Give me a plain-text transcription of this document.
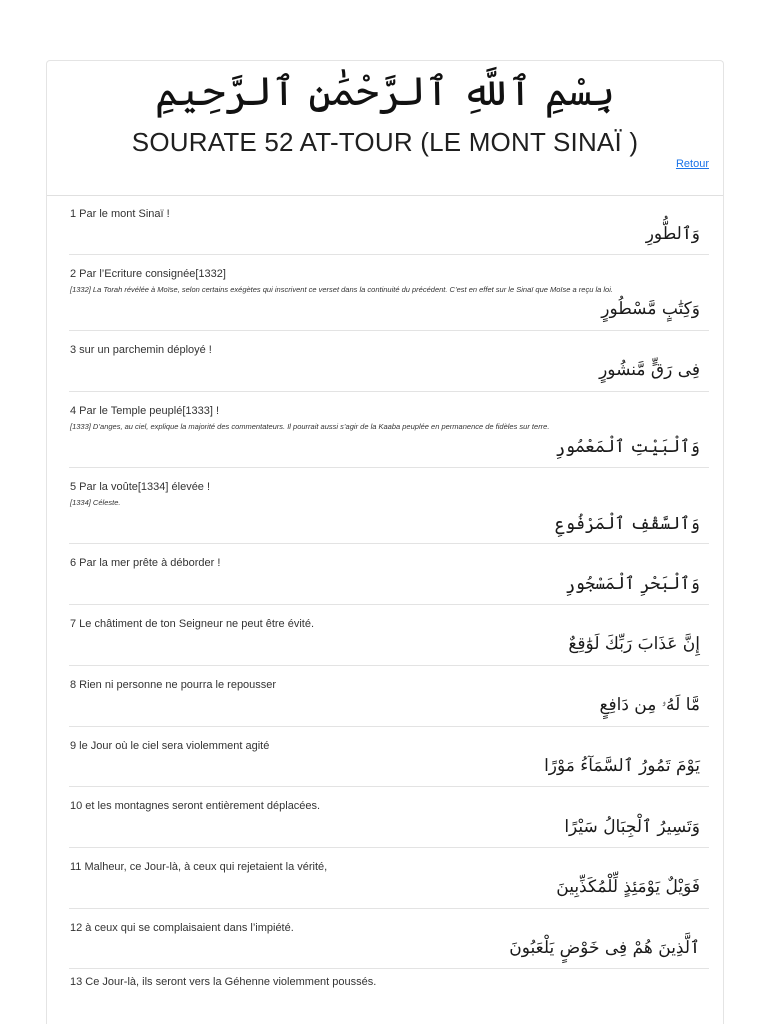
بِسْمِ ٱللَّهِ ٱلرَّحْمَٰنِ ٱلرَّحِيمِ
SOURATE 52 AT-TOUR (LE MONT SINAÏ )
Retour
1 Par le mont Sinaï !
وَٱلطُّورِ
2 Par l’Ecriture consignée[1332]
[1332] La Torah révélée à Moïse, selon certains exégètes qui inscrivent ce verset dans la continuité du précédent. C’est en effet sur le Sinaï que Moïse a reçu la loi.
وَكِتَٰبٍ مَّسْطُورٍ
3 sur un parchemin déployé !
فِى رَقٍّ مَّنشُورٍ
4 Par le Temple peuplé[1333] !
[1333] D’anges, au ciel, explique la majorité des commentateurs. Il pourrait aussi s’agir de la Kaaba peuplée en permanence de fidèles sur terre.
وَٱلْبَيْتِ ٱلْمَعْمُورِ
5 Par la voûte[1334] élevée !
[1334] Céleste.
وَٱلسَّقْفِ ٱلْمَرْفُوعِ
6 Par la mer prête à déborder !
وَٱلْبَحْرِ ٱلْمَسْجُورِ
7 Le châtiment de ton Seigneur ne peut être évité.
إِنَّ عَذَابَ رَبِّكَ لَوَٰقِعٌ
8 Rien ni personne ne pourra le repousser
مَّا لَهُۥ مِن دَافِعٍ
9 le Jour où le ciel sera violemment agité
يَوْمَ تَمُورُ ٱلسَّمَآءُ مَوْرًا
10 et les montagnes seront entièrement déplacées.
وَتَسِيرُ ٱلْجِبَالُ سَيْرًا
11 Malheur, ce Jour-là, à ceux qui rejetaient la vérité,
فَوَيْلٌ يَوْمَئِذٍ لِّلْمُكَذِّبِينَ
12 à ceux qui se complaisaient dans l’impiété.
ٱلَّذِينَ هُمْ فِى خَوْضٍ يَلْعَبُونَ
13 Ce Jour-là, ils seront vers la Géhenne violemment poussés.
